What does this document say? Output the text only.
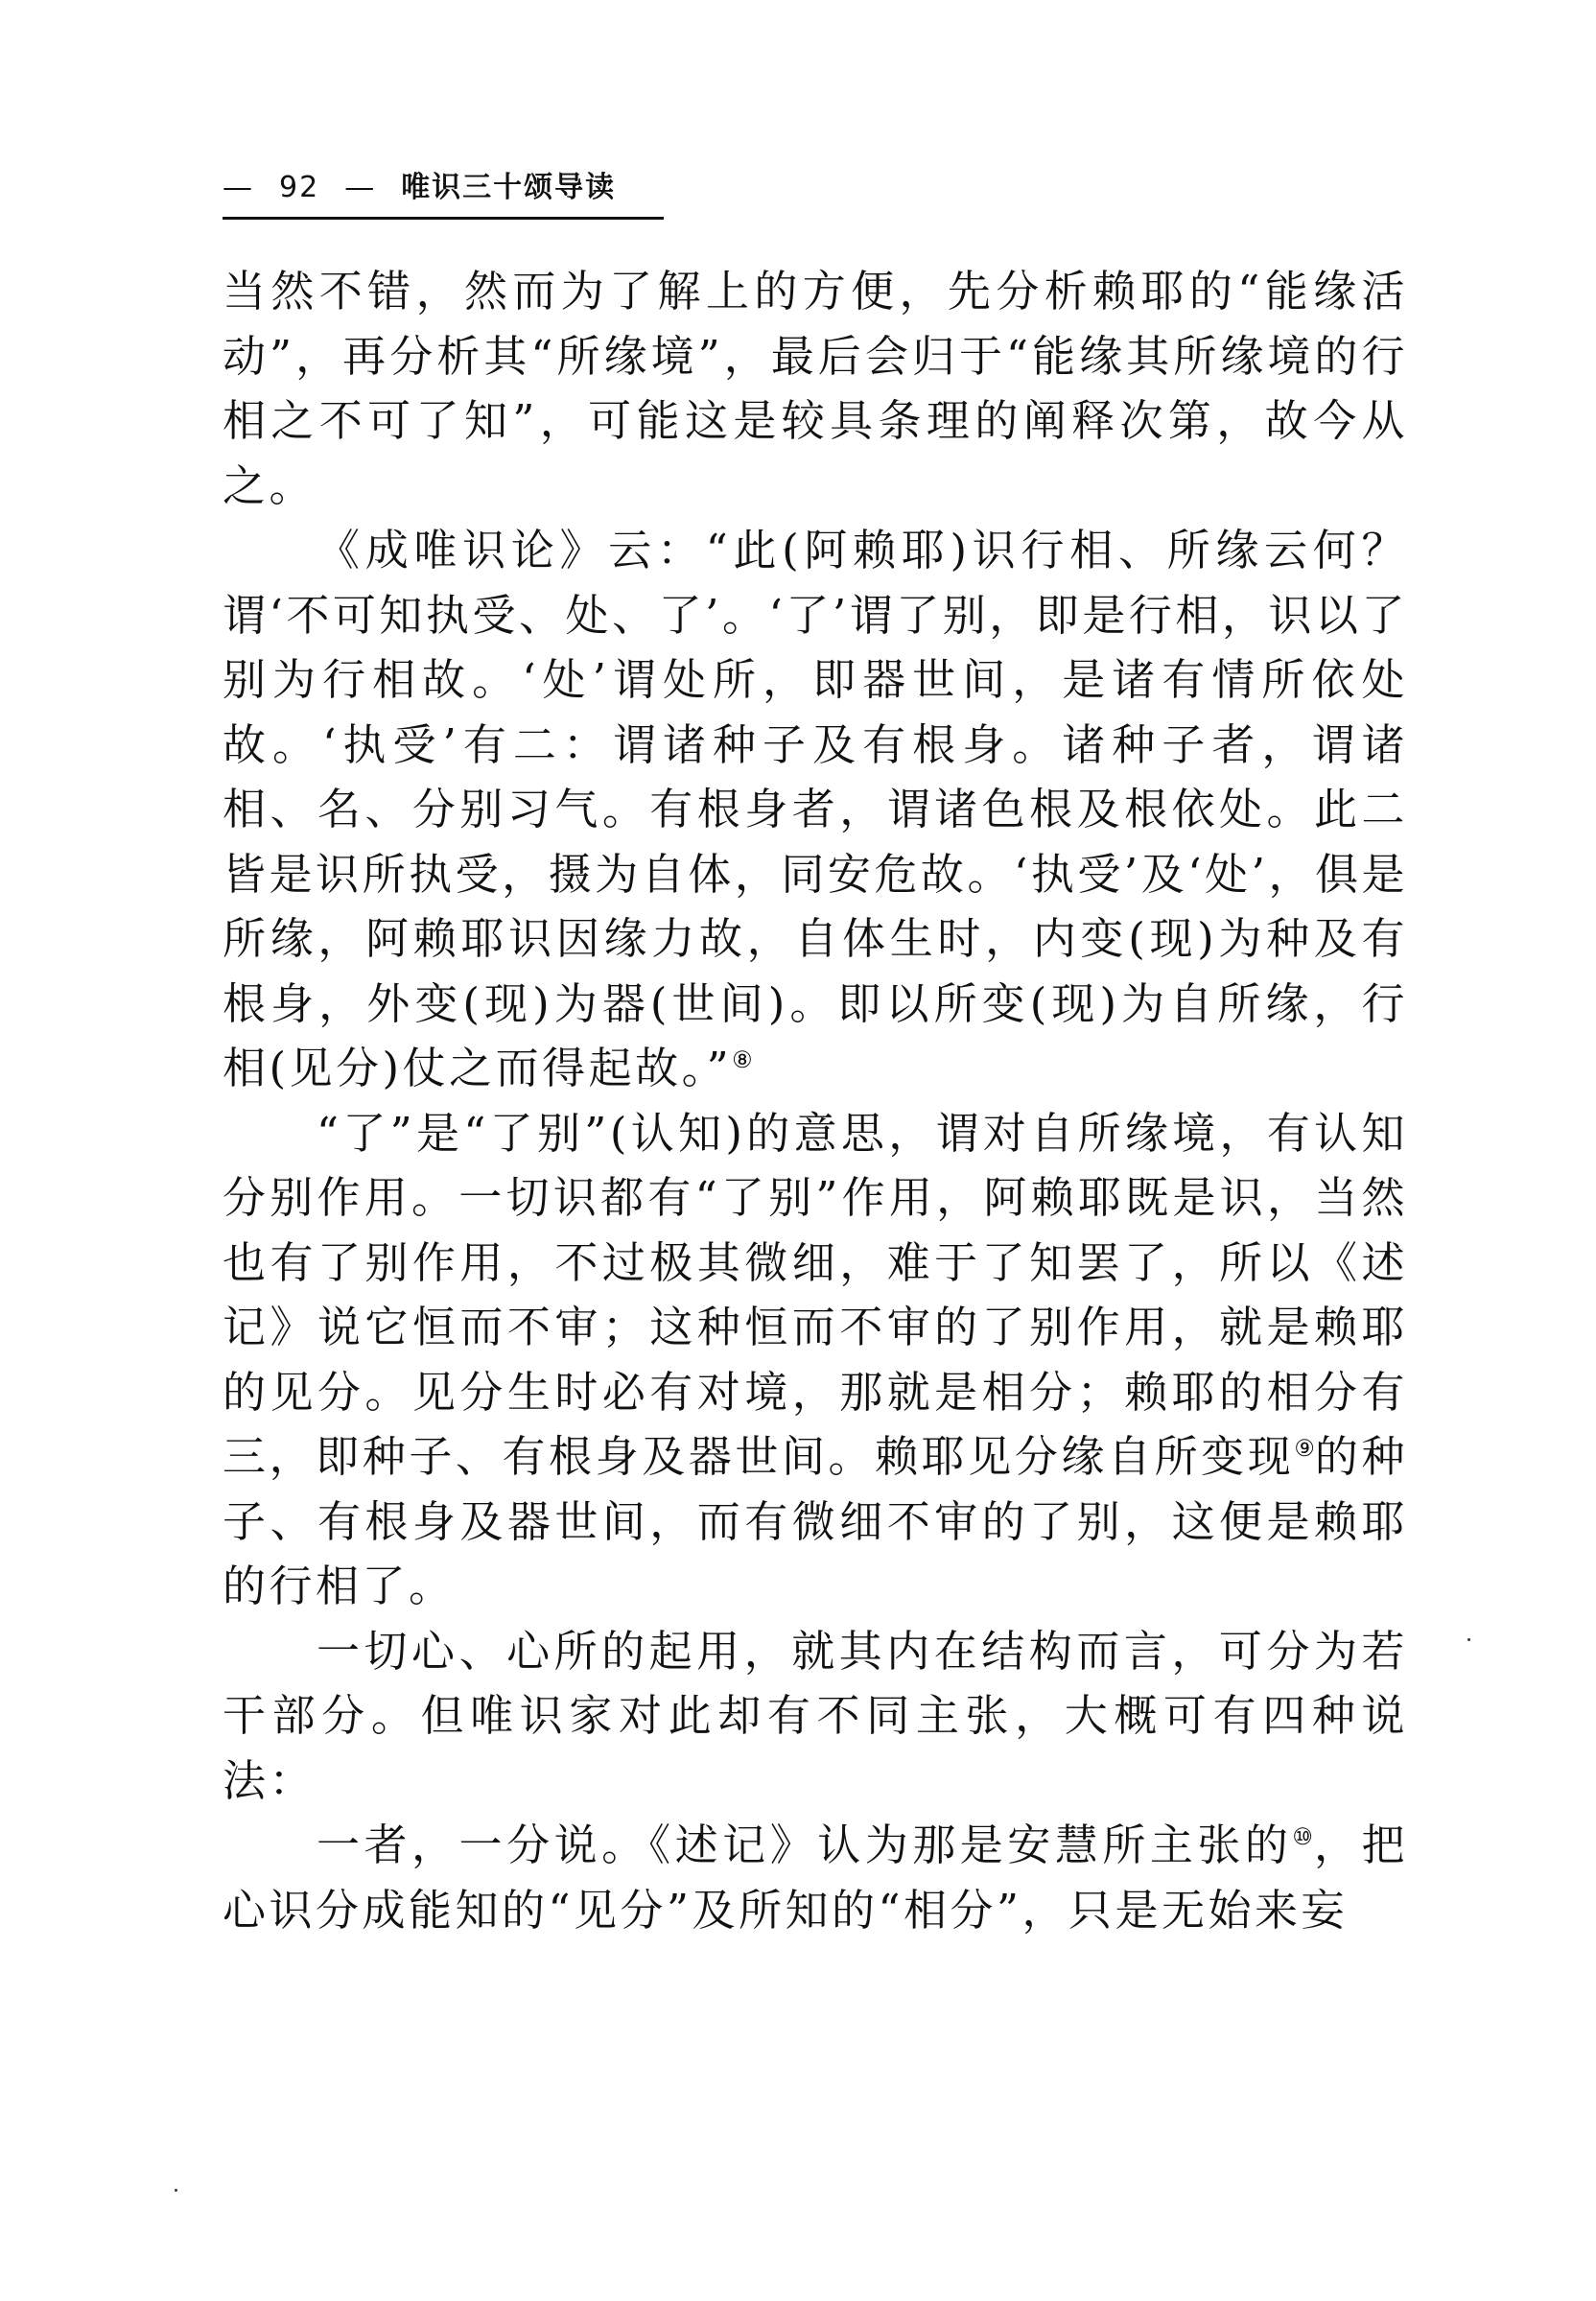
— 92 — 唯识三十颂导读

当然不错，然而为了解上的方便，先分析赖耶的“能缘活动”，再分析其“所缘境”，最后会归于“能缘其所缘境的行相之不可了知”，可能这是较具条理的阐释次第，故今从之。

《成唯识论》云：“此(阿赖耶)识行相、所缘云何？谓‘不可知执受、处、了’。‘了’谓了别，即是行相，识以了别为行相故。‘处’谓处所，即器世间，是诸有情所依处故。‘执受’有二：谓诸种子及有根身。诸种子者，谓诸相、名、分别习气。有根身者，谓诸色根及根依处。此二皆是识所执受，摄为自体，同安危故。‘执受’及‘处’，俱是所缘，阿赖耶识因缘力故，自体生时，内变(现)为种及有根身，外变(现)为器(世间)。即以所变(现)为自所缘，行相(见分)仗之而得起故。”⑧

“了”是“了别”(认知)的意思，谓对自所缘境，有认知分别作用。一切识都有“了别”作用，阿赖耶既是识，当然也有了别作用，不过极其微细，难于了知罢了，所以《述记》说它恒而不审；这种恒而不审的了别作用，就是赖耶的见分。见分生时必有对境，那就是相分；赖耶的相分有三，即种子、有根身及器世间。赖耶见分缘自所变现⑨的种子、有根身及器世间，而有微细不审的了别，这便是赖耶的行相了。

一切心、心所的起用，就其内在结构而言，可分为若干部分。但唯识家对此却有不同主张，大概可有四种说法：

一者，一分说。《述记》认为那是安慧所主张的⑩，把心识分成能知的“见分”及所知的“相分”，只是无始来妄
